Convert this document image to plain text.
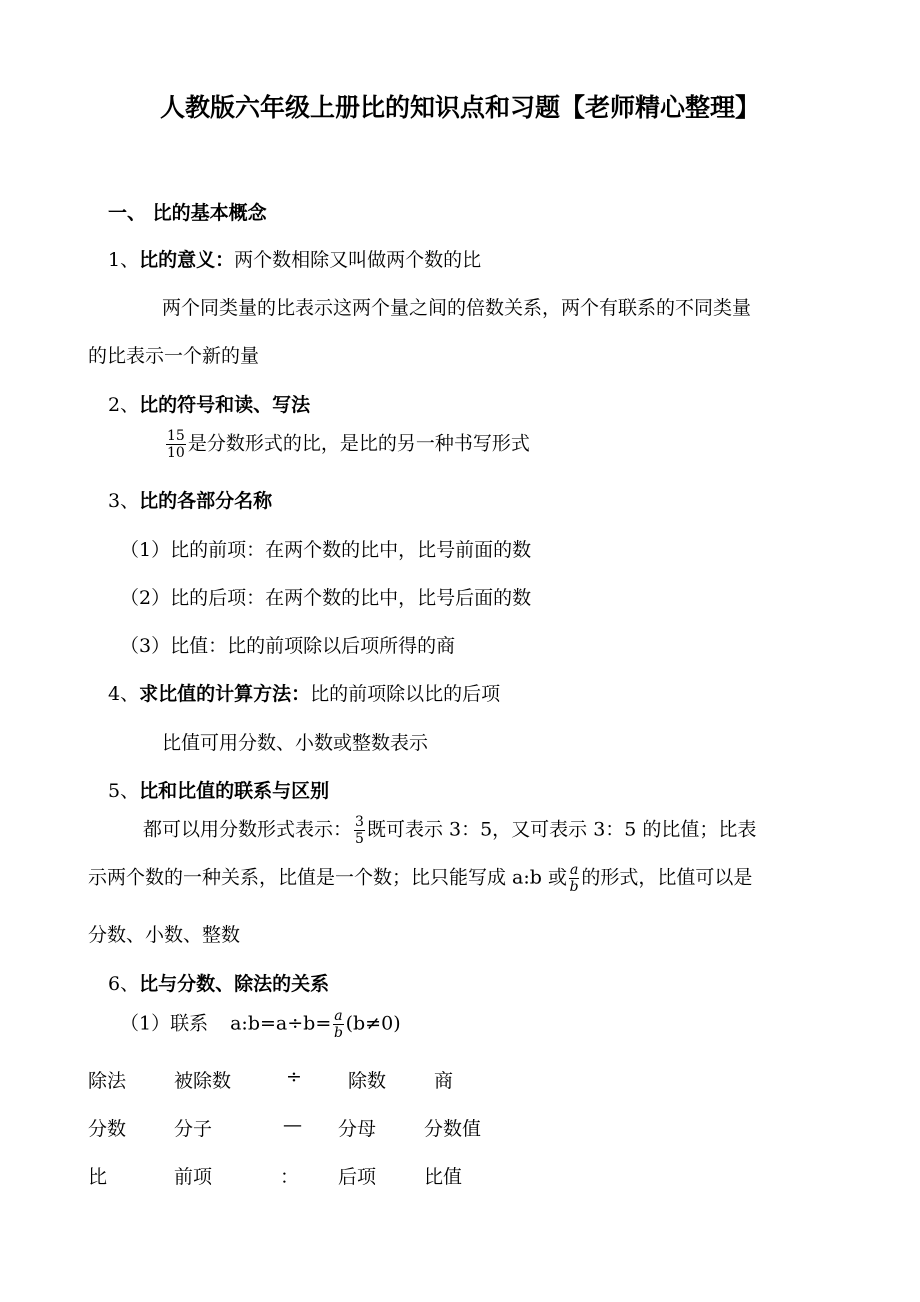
人教版六年级上册比的知识点和习题【老师精心整理】
一、 比的基本概念
1、比的意义：两个数相除又叫做两个数的比
两个同类量的比表示这两个量之间的倍数关系，两个有联系的不同类量
的比表示一个新的量
2、比的符号和读、写法
$\frac{15}{10}$ 是分数形式的比，是比的另一种书写形式
3、比的各部分名称
（1）比的前项：在两个数的比中，比号前面的数
（2）比的后项：在两个数的比中，比号后面的数
（3）比值：比的前项除以后项所得的商
4、求比值的计算方法：比的前项除以比的后项
比值可用分数、小数或整数表示
5、比和比值的联系与区别
都可以用分数形式表示： $\frac{3}{5}$ 既可表示 3：5，又可表示 3：5 的比值；比表
示两个数的一种关系，比值是一个数；比只能写成 a:b 或 $\frac{a}{b}$ 的形式，比值可以是
分数、小数、整数
6、比与分数、除法的关系
（1）联系 a:b=a÷b= $\frac{a}{b} (b\ne 0)$
除法	被除数	÷ 除数	商
分数	分子	— 分母	分数值
比	前项	： 后项	比值
